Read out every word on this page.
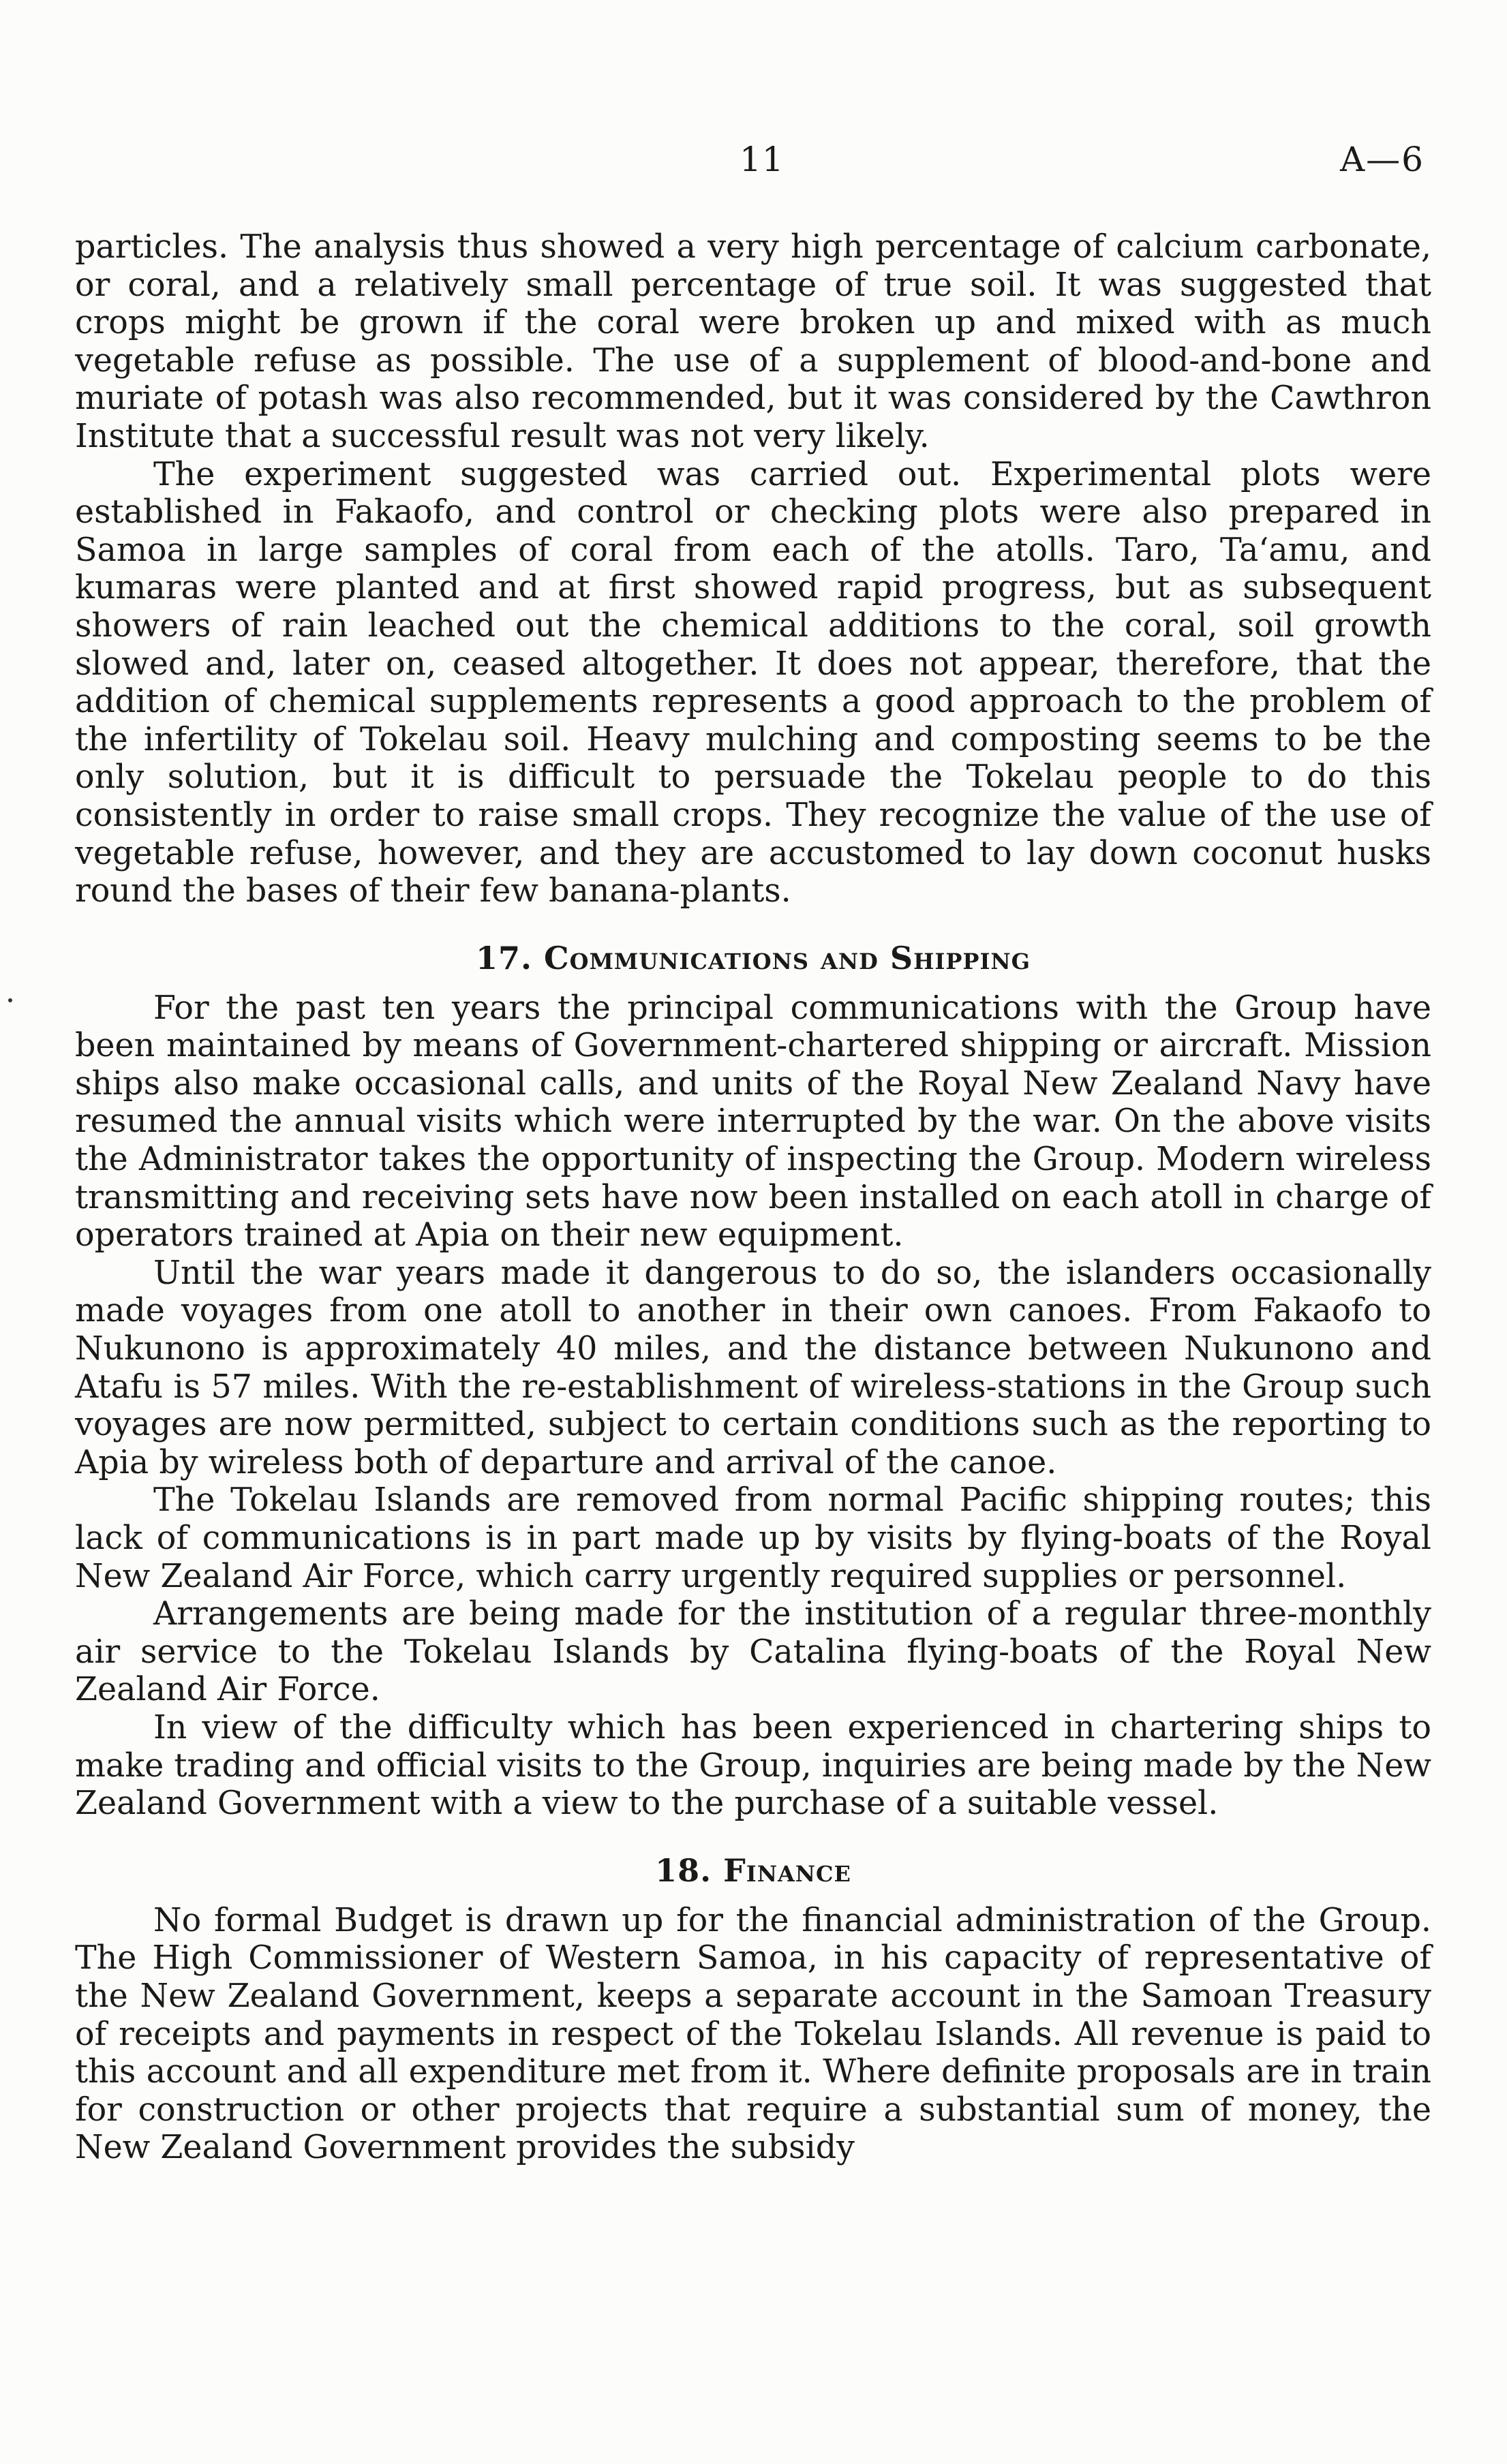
11	A—6

particles. The analysis thus showed a very high percentage of calcium carbonate, or coral, and a relatively small percentage of true soil. It was suggested that crops might be grown if the coral were broken up and mixed with as much vegetable refuse as possible. The use of a supplement of blood-and-bone and muriate of potash was also recommended, but it was considered by the Cawthron Institute that a successful result was not very likely.

The experiment suggested was carried out. Experimental plots were established in Fakaofo, and control or checking plots were also prepared in Samoa in large samples of coral from each of the atolls. Taro, Ta‘amu, and kumaras were planted and at first showed rapid progress, but as subsequent showers of rain leached out the chemical additions to the coral, soil growth slowed and, later on, ceased altogether. It does not appear, therefore, that the addition of chemical supplements represents a good approach to the problem of the infertility of Tokelau soil. Heavy mulching and composting seems to be the only solution, but it is difficult to persuade the Tokelau people to do this consistently in order to raise small crops. They recognize the value of the use of vegetable refuse, however, and they are accustomed to lay down coconut husks round the bases of their few banana-plants.

17. Communications and Shipping

For the past ten years the principal communications with the Group have been maintained by means of Government-chartered shipping or aircraft. Mission ships also make occasional calls, and units of the Royal New Zealand Navy have resumed the annual visits which were interrupted by the war. On the above visits the Administrator takes the opportunity of inspecting the Group. Modern wireless transmitting and receiving sets have now been installed on each atoll in charge of operators trained at Apia on their new equipment.

Until the war years made it dangerous to do so, the islanders occasionally made voyages from one atoll to another in their own canoes. From Fakaofo to Nukunono is approximately 40 miles, and the distance between Nukunono and Atafu is 57 miles. With the re-establishment of wireless-stations in the Group such voyages are now permitted, subject to certain conditions such as the reporting to Apia by wireless both of departure and arrival of the canoe.

The Tokelau Islands are removed from normal Pacific shipping routes; this lack of communications is in part made up by visits by flying-boats of the Royal New Zealand Air Force, which carry urgently required supplies or personnel.

Arrangements are being made for the institution of a regular three-monthly air service to the Tokelau Islands by Catalina flying-boats of the Royal New Zealand Air Force.

In view of the difficulty which has been experienced in chartering ships to make trading and official visits to the Group, inquiries are being made by the New Zealand Government with a view to the purchase of a suitable vessel.

18. Finance

No formal Budget is drawn up for the financial administration of the Group. The High Commissioner of Western Samoa, in his capacity of representative of the New Zealand Government, keeps a separate account in the Samoan Treasury of receipts and payments in respect of the Tokelau Islands. All revenue is paid to this account and all expenditure met from it. Where definite proposals are in train for construction or other projects that require a substantial sum of money, the New Zealand Government provides the subsidy
